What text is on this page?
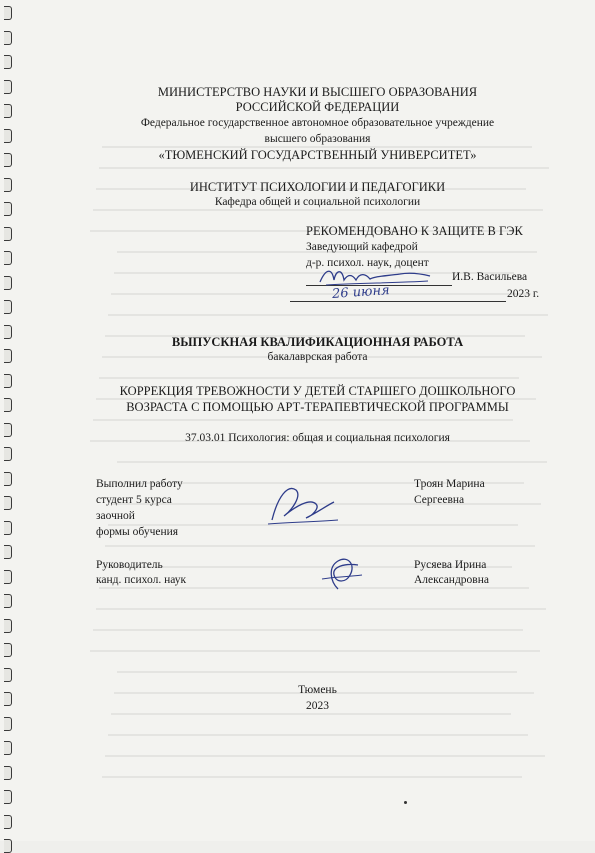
МИНИСТЕРСТВО НАУКИ И ВЫСШЕГО ОБРАЗОВАНИЯ
РОССИЙСКОЙ ФЕДЕРАЦИИ
Федеральное государственное автономное образовательное учреждение
высшего образования
«ТЮМЕНСКИЙ ГОСУДАРСТВЕННЫЙ УНИВЕРСИТЕТ»
ИНСТИТУТ ПСИХОЛОГИИ И ПЕДАГОГИКИ
Кафедра общей и социальной психологии
РЕКОМЕНДОВАНО К ЗАЩИТЕ В ГЭК
Заведующий кафедрой
д-р. психол. наук, доцент
И.В. Васильева
26 июня	2023 г.
ВЫПУСКНАЯ КВАЛИФИКАЦИОННАЯ РАБОТА
бакалаврская работа
КОРРЕКЦИЯ ТРЕВОЖНОСТИ У ДЕТЕЙ СТАРШЕГО ДОШКОЛЬНОГО
ВОЗРАСТА С ПОМОЩЬЮ АРТ-ТЕРАПЕВТИЧЕСКОЙ ПРОГРАММЫ
37.03.01 Психология: общая и социальная психология
Выполнил работу
студент 5 курса
заочной
формы обучения
Троян Марина
Сергеевна
Руководитель
канд. психол. наук
Русяева Ирина
Александровна
Тюмень
2023
